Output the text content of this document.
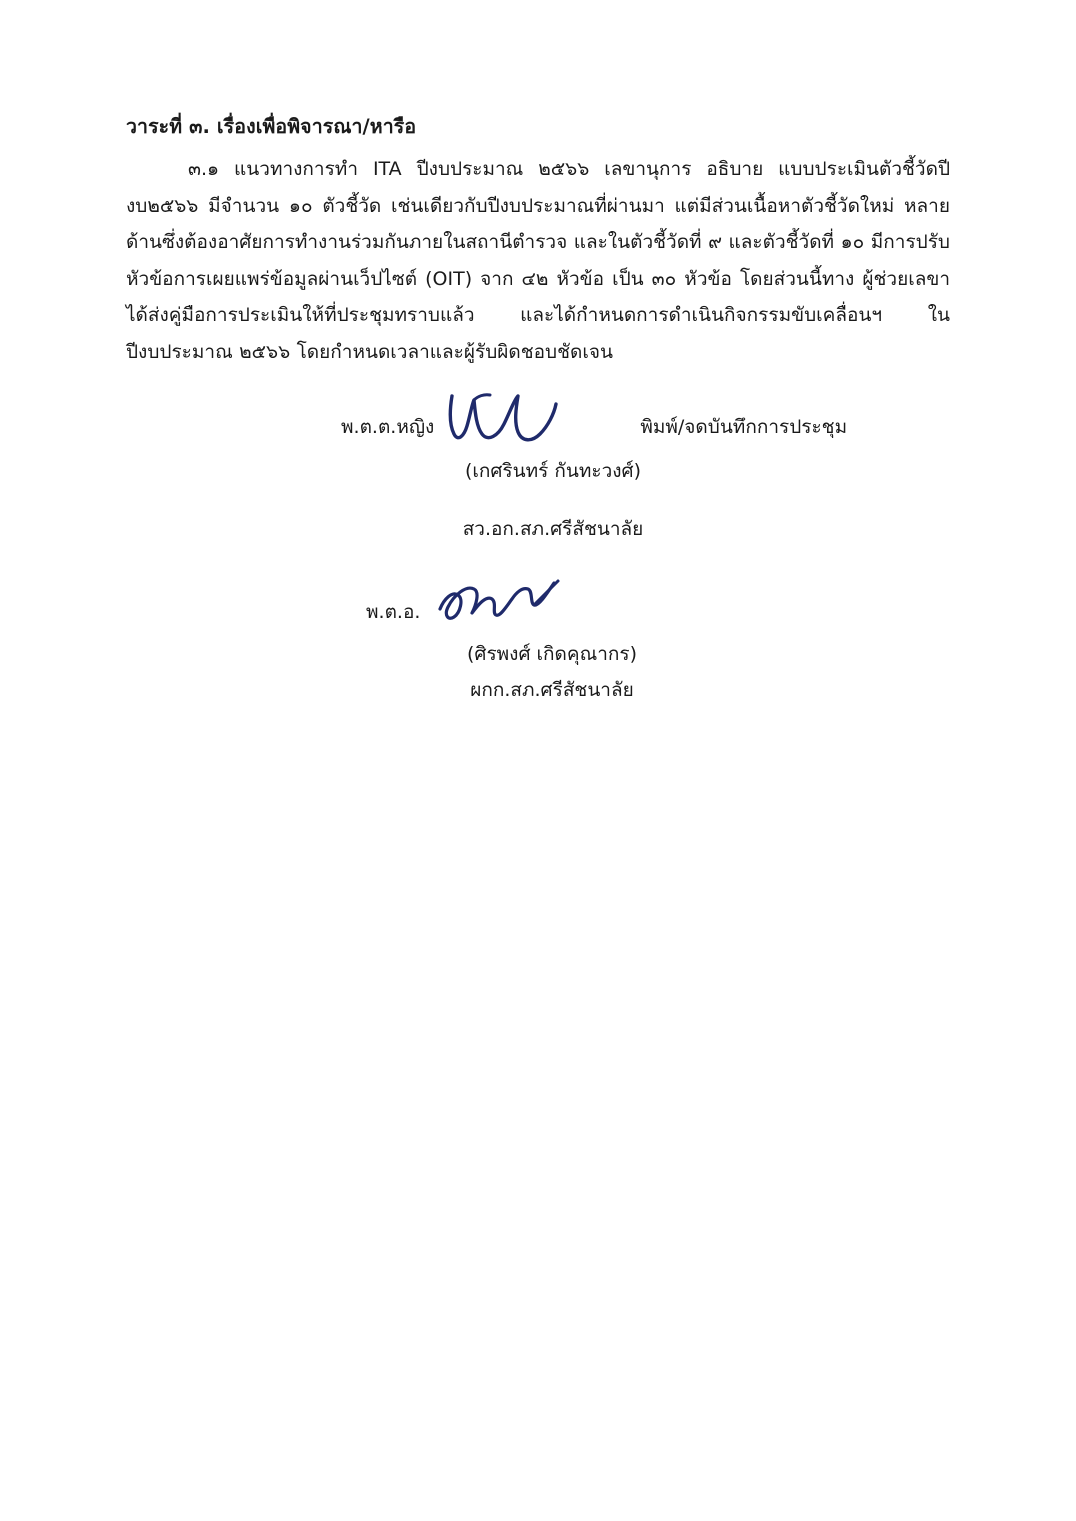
วาระที่ ๓. เรื่องเพื่อพิจารณา/หารือ

๓.๑ แนวทางการทำ ITA ปีงบประมาณ ๒๕๖๖ เลขานุการ อธิบาย แบบประเมินตัวชี้วัดปีงบ๒๕๖๖ มีจำนวน ๑๐ ตัวชี้วัด เช่นเดียวกับปีงบประมาณที่ผ่านมา แต่มีส่วนเนื้อหาตัวชี้วัดใหม่ หลายด้านซึ่งต้องอาศัยการทำงานร่วมกันภายในสถานีตำรวจ และในตัวชี้วัดที่ ๙ และตัวชี้วัดที่ ๑๐ มีการปรับหัวข้อการเผยแพร่ข้อมูลผ่านเว็ปไซต์ (OIT) จาก ๔๒ หัวข้อ เป็น ๓๐ หัวข้อ โดยส่วนนี้ทาง ผู้ช่วยเลขาได้ส่งคู่มือการประเมินให้ที่ประชุมทราบแล้ว และได้กำหนดการดำเนินกิจกรรมขับเคลื่อนฯ ในปีงบประมาณ ๒๕๖๖ โดยกำหนดเวลาและผู้รับผิดชอบชัดเจน

พ.ต.ต.หญิง	พิมพ์/จดบันทึกการประชุม
(เกศรินทร์ กันทะวงศ์)
สว.อก.สภ.ศรีสัชนาลัย
พ.ต.อ.
(ศิรพงศ์ เกิดคุณากร)
ผกก.สภ.ศรีสัชนาลัย
